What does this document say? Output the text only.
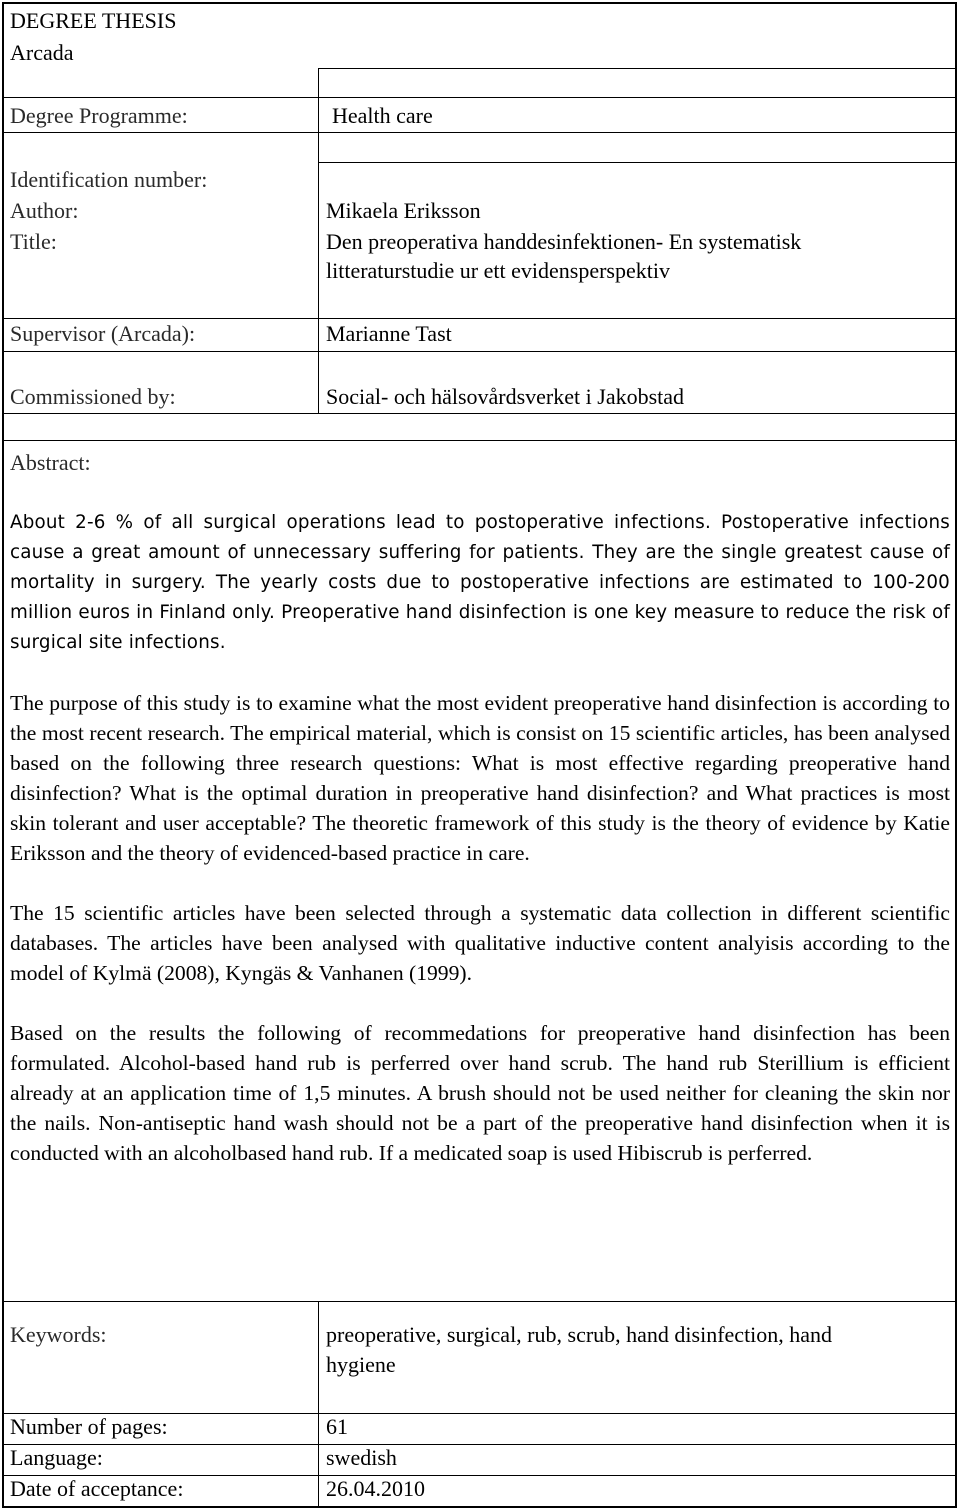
DEGREE THESIS
Arcada
Degree Programme:	Health care
Identification number:
Author:	Mikaela Eriksson
Title:	Den preoperativa handdesinfektionen- En systematisk
litteraturstudie ur ett evidensperspektiv
Supervisor (Arcada):	Marianne Tast
Commissioned by:	Social- och hälsovårdsverket i Jakobstad
Abstract:

About 2-6 % of all surgical operations lead to postoperative infections. Postoperative infections cause a great amount of unnecessary suffering for patients. They are the single greatest cause of mortality in surgery. The yearly costs due to postoperative infections are estimated to 100-200 million euros in Finland only. Preoperative hand disinfection is one key measure to reduce the risk of surgical site infections.

The purpose of this study is to examine what the most evident preoperative hand disinfection is according to the most recent research. The empirical material, which is consist on 15 scientific articles, has been analysed based on the following three research questions: What is most effective regarding preoperative hand disinfection? What is the optimal duration in preoperative hand disinfection? and What practices is most skin tolerant and user acceptable? The theoretic framework of this study is the theory of evidence by Katie Eriksson and the theory of evidenced-based practice in care.

The 15 scientific articles have been selected through a systematic data collection in different scientific databases. The articles have been analysed with qualitative inductive content analyisis according to the model of Kylmä (2008), Kyngäs & Vanhanen (1999).

Based on the results the following of recommedations for preoperative hand disinfection has been formulated. Alcohol-based hand rub is perferred over hand scrub. The hand rub Sterillium is efficient already at an application time of 1,5 minutes. A brush should not be used neither for cleaning the skin nor the nails. Non-antiseptic hand wash should not be a part of the preoperative hand disinfection when it is conducted with an alcoholbased hand rub. If a medicated soap is used Hibiscrub is perferred.

Keywords:	preoperative, surgical, rub, scrub, hand disinfection, hand
hygiene
Number of pages:	61
Language:	swedish
Date of acceptance:	26.04.2010
